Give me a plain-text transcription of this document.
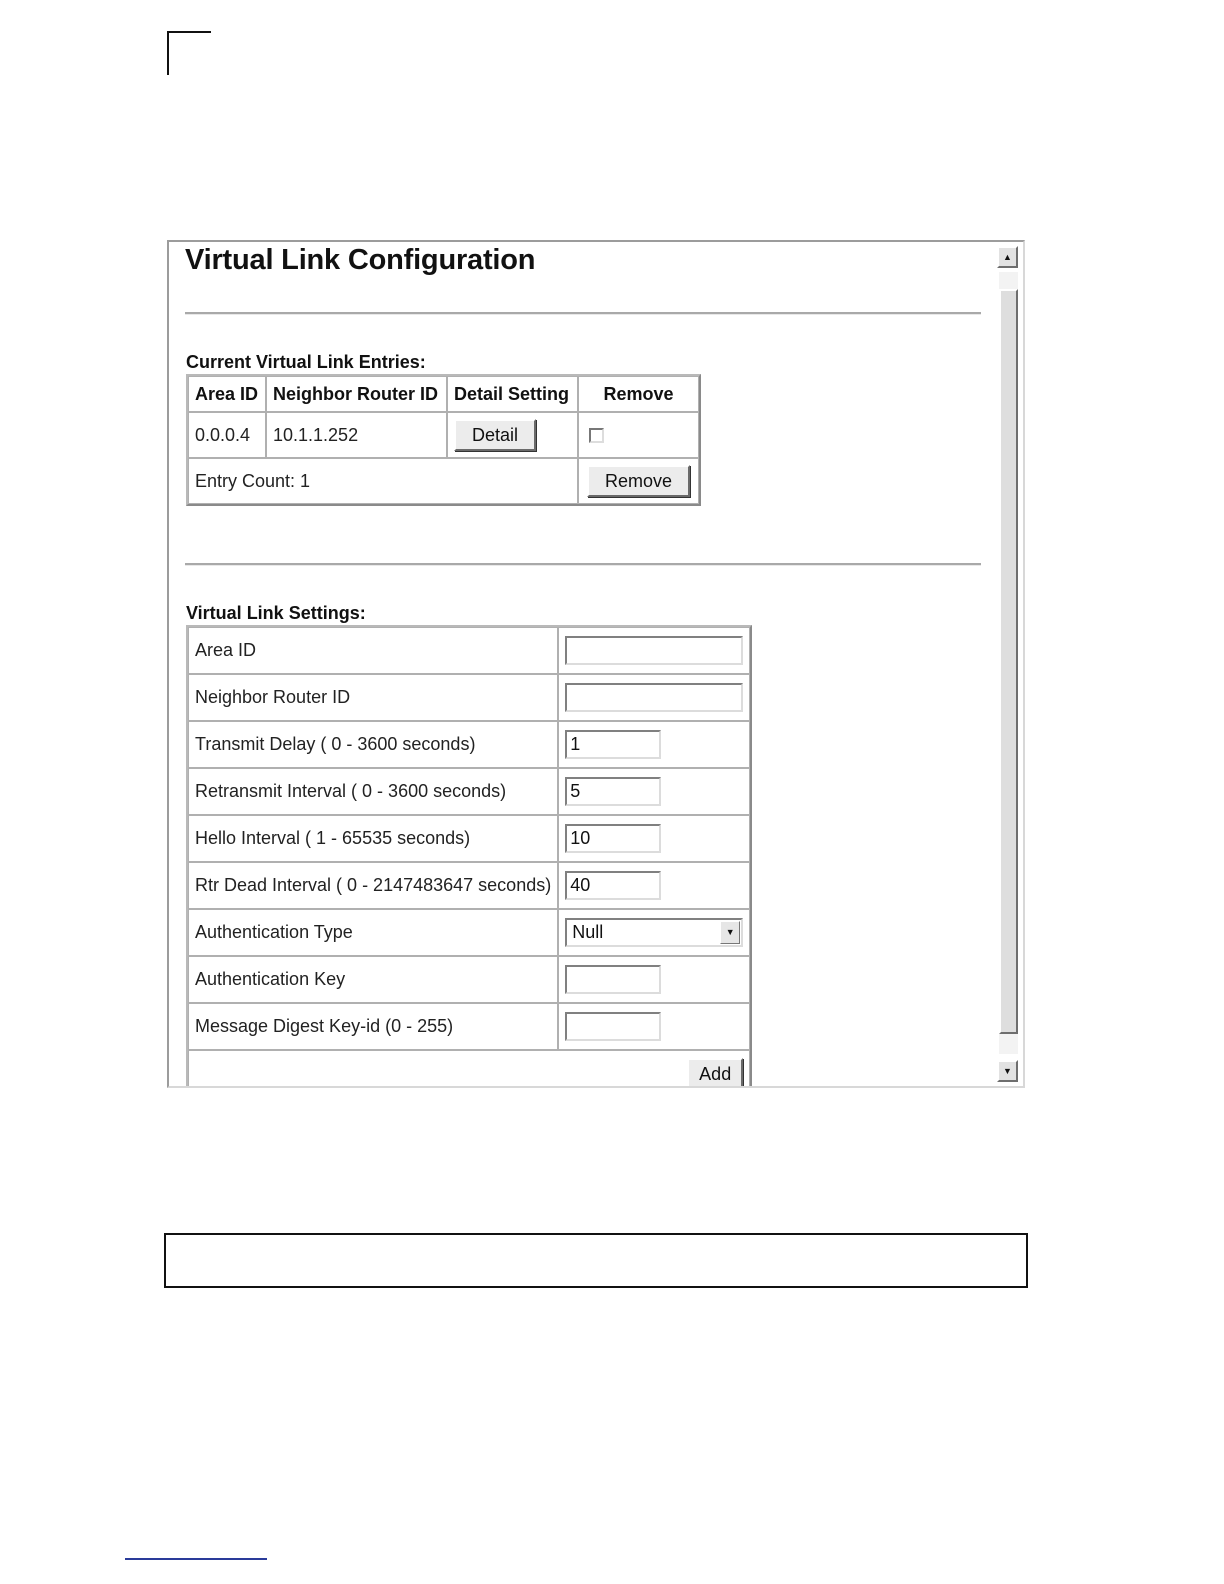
Virtual Link Configuration
Current Virtual Link Entries:
Area ID	Neighbor Router ID	Detail Setting	Remove
0.0.0.4	10.1.1.252	Detail	
Entry Count: 1			Remove
Virtual Link Settings:
Area ID	
Neighbor Router ID	
Transmit Delay ( 0 - 3600 seconds)	1
Retransmit Interval ( 0 - 3600 seconds)	5
Hello Interval ( 1 - 65535 seconds)	10
Rtr Dead Interval ( 0 - 2147483647 seconds)	40
Authentication Type	Null ▼

Authentication Key	
Message Digest Key-id (0 - 255)	
Add	
▲
▼
